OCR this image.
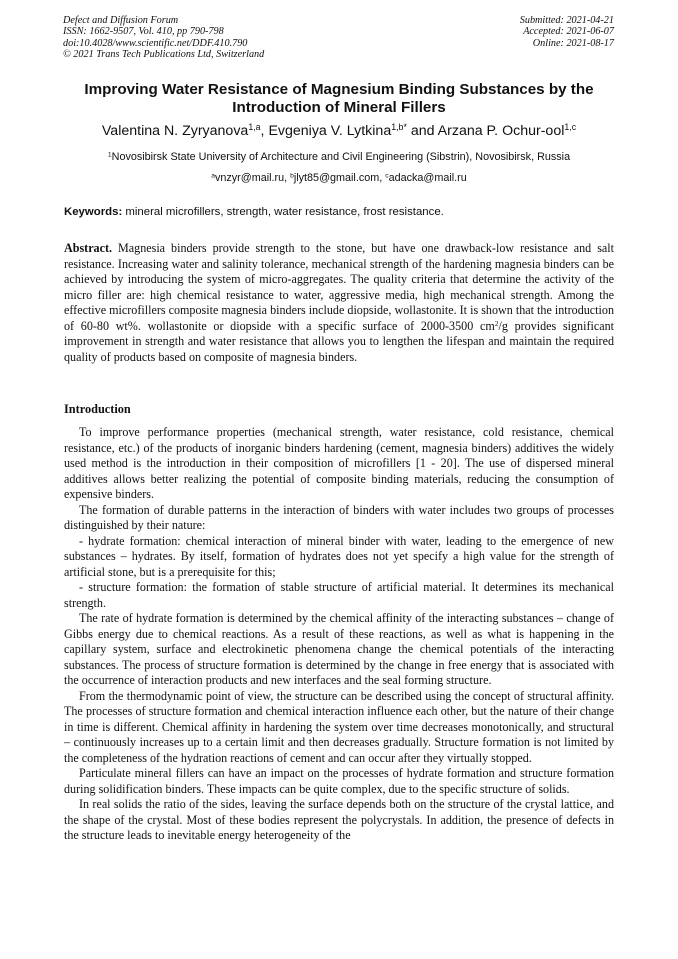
Defect and Diffusion Forum
ISSN: 1662-9507, Vol. 410, pp 790-798
doi:10.4028/www.scientific.net/DDF.410.790
© 2021 Trans Tech Publications Ltd, Switzerland
Submitted: 2021-04-21
Accepted: 2021-06-07
Online: 2021-08-17
Improving Water Resistance of Magnesium Binding Substances by the Introduction of Mineral Fillers
Valentina N. Zyryanova$^{1,a}$, Evgeniya V. Lytkina$^{1,b*}$ and Arzana P. Ochur-ool$^{1,c}$
$^1$Novosibirsk State University of Architecture and Civil Engineering (Sibstrin), Novosibirsk, Russia
$^a$vnzyr@mail.ru, $^b$jlyt85@gmail.com, $^c$adacka@mail.ru
Keywords: mineral microfillers, strength, water resistance, frost resistance.
Abstract. Magnesia binders provide strength to the stone, but have one drawback-low resistance and salt resistance. Increasing water and salinity tolerance, mechanical strength of the hardening magnesia binders can be achieved by introducing the system of micro-aggregates. The quality criteria that determine the activity of the micro filler are: high chemical resistance to water, aggressive media, high mechanical strength. Among the effective microfillers composite magnesia binders include diopside, wollastonite. It is shown that the introduction of 60-80 wt%. wollastonite or diopside with a specific surface of 2000-3500 $cm^2/g$ provides significant improvement in strength and water resistance that allows you to lengthen the lifespan and maintain the required quality of products based on composite of magnesia binders.
Introduction

To improve performance properties (mechanical strength, water resistance, cold resistance, chemical resistance, etc.) of the products of inorganic binders hardening (cement, magnesia binders) additives the widely used method is the introduction in their composition of microfillers [1 - 20]. The use of dispersed mineral additives allows better realizing the potential of composite binding materials, reducing the consumption of expensive binders.

The formation of durable patterns in the interaction of binders with water includes two groups of processes distinguished by their nature:

- hydrate formation: chemical interaction of mineral binder with water, leading to the emergence of new substances – hydrates. By itself, formation of hydrates does not yet specify a high value for the strength of artificial stone, but is a prerequisite for this;

- structure formation: the formation of stable structure of artificial material. It determines its mechanical strength.

The rate of hydrate formation is determined by the chemical affinity of the interacting substances – change of Gibbs energy due to chemical reactions. As a result of these reactions, as well as what is happening in the capillary system, surface and electrokinetic phenomena change the chemical potentials of the interacting substances. The process of structure formation is determined by the change in free energy that is associated with the occurrence of interaction products and new interfaces and the seal forming structure.

From the thermodynamic point of view, the structure can be described using the concept of structural affinity. The processes of structure formation and chemical interaction influence each other, but the nature of their change in time is different. Chemical affinity in hardening the system over time decreases monotonically, and structural – continuously increases up to a certain limit and then decreases gradually. Structure formation is not limited by the completeness of the hydration reactions of cement and can occur after they virtually stopped.

Particulate mineral fillers can have an impact on the processes of hydrate formation and structure formation during solidification binders. These impacts can be quite complex, due to the specific structure of solids.

In real solids the ratio of the sides, leaving the surface depends both on the structure of the crystal lattice, and the shape of the crystal. Most of these bodies represent the polycrystals. In addition, the presence of defects in the structure leads to inevitable energy heterogeneity of the
